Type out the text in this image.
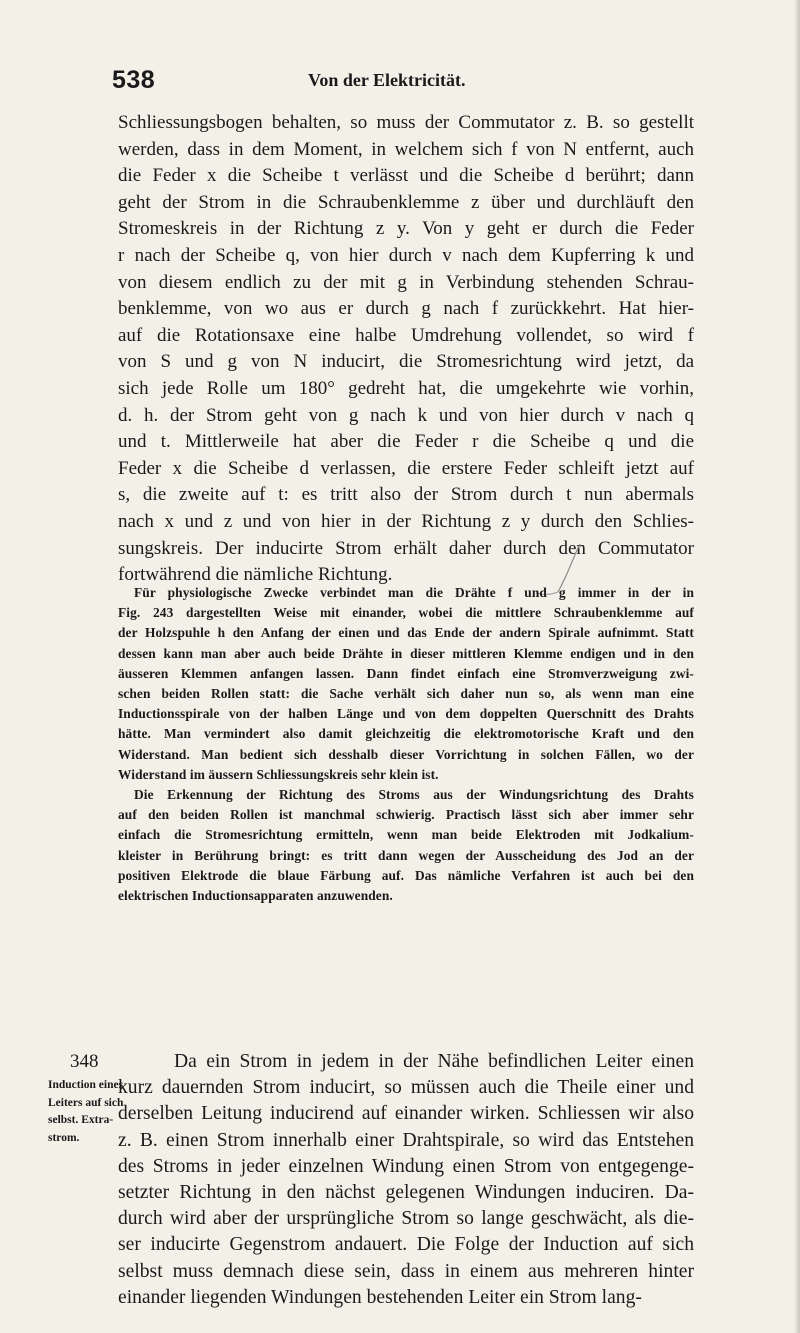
538	Von der Elektricität.

Schliessungsbogen behalten, so muss der Commutator z. B. so gestellt
werden, dass in dem Moment, in welchem sich f von N entfernt, auch
die Feder x die Scheibe t verlässt und die Scheibe d berührt; dann
geht der Strom in die Schraubenklemme z über und durchläuft den
Stromeskreis in der Richtung z y. Von y geht er durch die Feder
r nach der Scheibe q, von hier durch v nach dem Kupferring k und
von diesem endlich zu der mit g in Verbindung stehenden Schrau-
benklemme, von wo aus er durch g nach f zurückkehrt. Hat hier-
auf die Rotationsaxe eine halbe Umdrehung vollendet, so wird f
von S und g von N inducirt, die Stromesrichtung wird jetzt, da
sich jede Rolle um 180° gedreht hat, die umgekehrte wie vorhin,
d. h. der Strom geht von g nach k und von hier durch v nach q
und t. Mittlerweile hat aber die Feder r die Scheibe q und die
Feder x die Scheibe d verlassen, die erstere Feder schleift jetzt auf
s, die zweite auf t: es tritt also der Strom durch t nun abermals
nach x und z und von hier in der Richtung z y durch den Schlies-
sungskreis. Der inducirte Strom erhält daher durch den Commutator
fortwährend die nämliche Richtung.

Für physiologische Zwecke verbindet man die Drähte f und g immer in der in
Fig. 243 dargestellten Weise mit einander, wobei die mittlere Schraubenklemme auf
der Holzspuhle h den Anfang der einen und das Ende der andern Spirale aufnimmt. Statt
dessen kann man aber auch beide Drähte in dieser mittleren Klemme endigen und in den
äusseren Klemmen anfangen lassen. Dann findet einfach eine Stromverzweigung zwi-
schen beiden Rollen statt: die Sache verhält sich daher nun so, als wenn man eine
Inductionsspirale von der halben Länge und von dem doppelten Querschnitt des Drahts
hätte. Man vermindert also damit gleichzeitig die elektromotorische Kraft und den
Widerstand. Man bedient sich desshalb dieser Vorrichtung in solchen Fällen, wo der
Widerstand im äussern Schliessungskreis sehr klein ist.
Die Erkennung der Richtung des Stroms aus der Windungsrichtung des Drahts
auf den beiden Rollen ist manchmal schwierig. Practisch lässt sich aber immer sehr
einfach die Stromesrichtung ermitteln, wenn man beide Elektroden mit Jodkalium-
kleister in Berührung bringt: es tritt dann wegen der Ausscheidung des Jod an der
positiven Elektrode die blaue Färbung auf. Das nämliche Verfahren ist auch bei den
elektrischen Inductionsapparaten anzuwenden.

348

Induction eines
Leiters auf sich
selbst. Extra-
strom.

Da ein Strom in jedem in der Nähe befindlichen Leiter einen
kurz dauernden Strom inducirt, so müssen auch die Theile einer und
derselben Leitung inducirend auf einander wirken. Schliessen wir also
z. B. einen Strom innerhalb einer Drahtspirale, so wird das Entstehen
des Stroms in jeder einzelnen Windung einen Strom von entgegenge-
setzter Richtung in den nächst gelegenen Windungen induciren. Da-
durch wird aber der ursprüngliche Strom so lange geschwächt, als die-
ser inducirte Gegenstrom andauert. Die Folge der Induction auf sich
selbst muss demnach diese sein, dass in einem aus mehreren hinter
einander liegenden Windungen bestehenden Leiter ein Strom lang-
